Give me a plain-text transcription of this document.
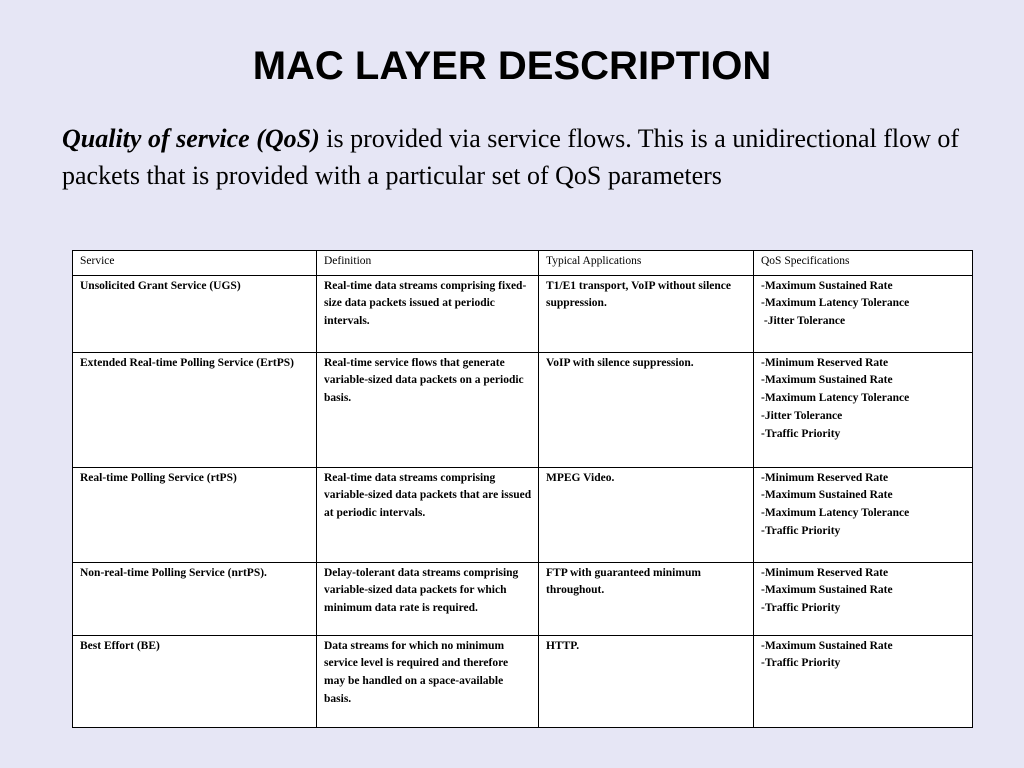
MAC LAYER DESCRIPTION

Quality of service (QoS) is provided via service flows. This is a unidirectional flow of packets that is provided with a particular set of QoS parameters

Service	Definition	Typical Applications	QoS Specifications
Unsolicited Grant Service (UGS)	Real-time data streams comprising fixed-size data packets issued at periodic intervals.	T1/E1 transport, VoIP without silence suppression.	-Maximum Sustained Rate
-Maximum Latency Tolerance
-Jitter Tolerance

Extended Real-time Polling Service (ErtPS)	Real-time service flows that generate variable-sized data packets on a periodic basis.	VoIP with silence suppression.	-Minimum Reserved Rate
-Maximum Sustained Rate
-Maximum Latency Tolerance
-Jitter Tolerance
-Traffic Priority

Real-time Polling Service (rtPS)	Real-time data streams comprising variable-sized data packets that are issued at periodic intervals.	MPEG Video.	-Minimum Reserved Rate
-Maximum Sustained Rate
-Maximum Latency Tolerance
-Traffic Priority

Non-real-time Polling Service (nrtPS).	Delay-tolerant data streams comprising variable-sized data packets for which minimum data rate is required.	FTP with guaranteed minimum throughout.	-Minimum Reserved Rate
-Maximum Sustained Rate
-Traffic Priority

Best Effort (BE)	Data streams for which no minimum service level is required and therefore may be handled on a space-available basis.	HTTP.	-Maximum Sustained Rate
-Traffic Priority
